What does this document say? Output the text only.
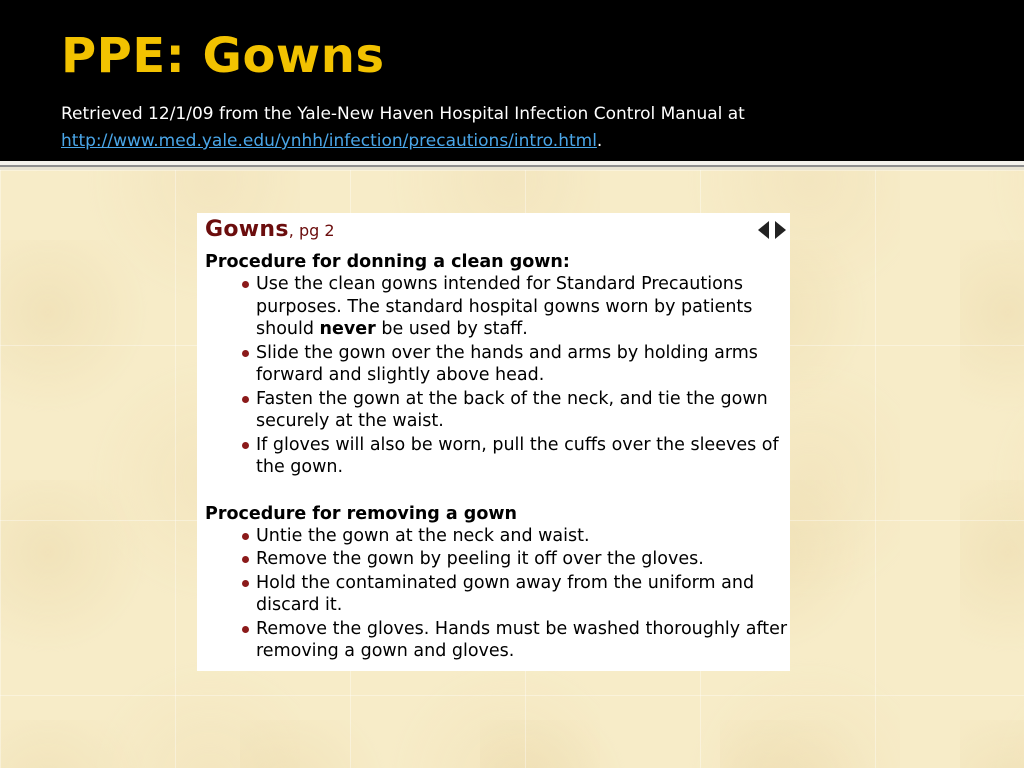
PPE: Gowns
Retrieved 12/1/09 from the Yale-New Haven Hospital Infection Control Manual at
http://www.med.yale.edu/ynhh/infection/precautions/intro.html.
Gowns, pg 2
Procedure for donning a clean gown:
Use the clean gowns intended for Standard Precautions purposes. The standard hospital gowns worn by patients should never be used by staff.
Slide the gown over the hands and arms by holding arms forward and slightly above head.
Fasten the gown at the back of the neck, and tie the gown securely at the waist.
If gloves will also be worn, pull the cuffs over the sleeves of the gown.
Procedure for removing a gown
Untie the gown at the neck and waist.
Remove the gown by peeling it off over the gloves.
Hold the contaminated gown away from the uniform and discard it.
Remove the gloves. Hands must be washed thoroughly after removing a gown and gloves.
